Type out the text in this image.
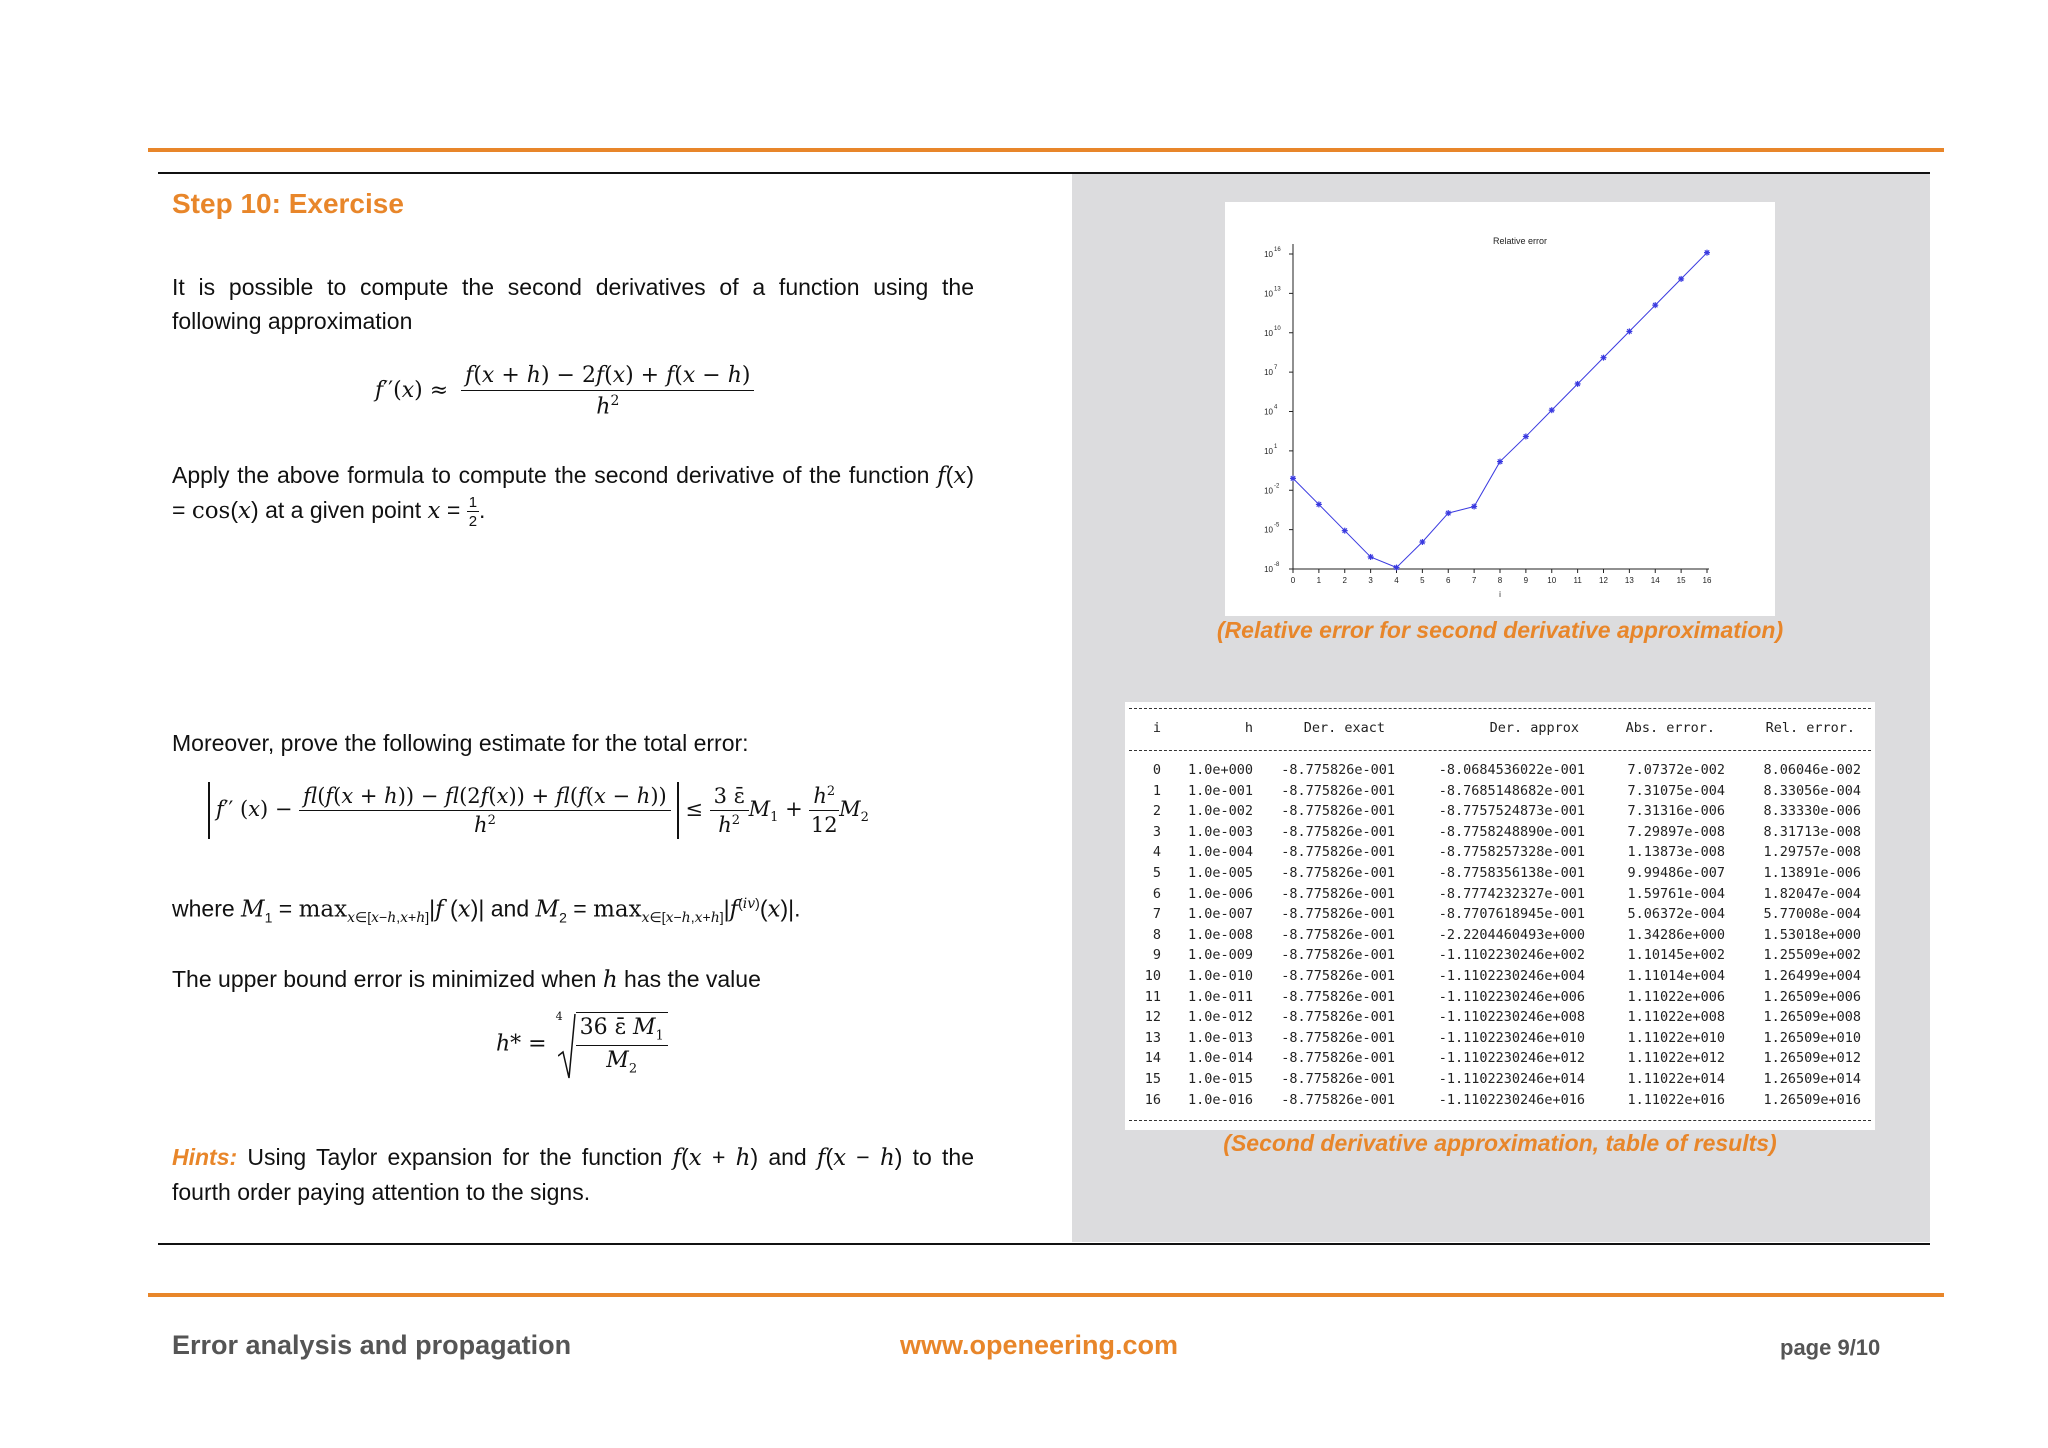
Step 10: Exercise
It is possible to compute the second derivatives of a function using the following approximation
$f''(x) \approx \frac{f(x + h) - 2f(x) + f(x - h)}{h^2}$
Apply the above formula to compute the second derivative of the function f(x) = cos(x) at a given point $x = \frac{1}{2}$ .
Moreover, prove the following estimate for the total error:
f′′ $(x) - \frac{fl(f(x + h)) - fl(2f(x)) + fl(f(x - h))}{h^2} \le \frac{3 \varepsilon̄}{h^2} M_1 + \frac{h^2}{12} M_2$
where $M_1 = \max_{x\in[x-h,x+h]}|f$ (x)| and $M_2 = \max_{x\in[x-h,x+h]}|f^{(iv)}(x)|$.
The upper bound error is minimized when h has the value
h* =
$4 \frac{36 \varepsilon̄ M_1}{M_2}$
Hints: Using Taylor expansion for the function f(x + h) and f(x − h) to the fourth order paying attention to the signs.
Relative error
0	1	2	3	4	5	6	7	8	9 10 11 12 13 14 15 16
i
10 -8
10 -5
10 -2
10 1
10 4
10 7
10 10
10 13
10 16
(Relative error for second derivative approximation)
i	h	Der. exact	Der. approx	Abs. error.	Rel. error.
0 1.0e+000 -8.775826e-001	-8.0684536022e-001	7.07372e-002	8.06046e-002
1 1.0e-001 -8.775826e-001	-8.7685148682e-001	7.31075e-004	8.33056e-004
2 1.0e-002 -8.775826e-001	-8.7757524873e-001	7.31316e-006	8.33330e-006
3 1.0e-003 -8.775826e-001	-8.7758248890e-001	7.29897e-008	8.31713e-008
4 1.0e-004 -8.775826e-001	-8.7758257328e-001	1.13873e-008	1.29757e-008
5 1.0e-005 -8.775826e-001	-8.7758356138e-001	9.99486e-007	1.13891e-006
6 1.0e-006 -8.775826e-001	-8.7774232327e-001	1.59761e-004	1.82047e-004
7 1.0e-007 -8.775826e-001	-8.7707618945e-001	5.06372e-004	5.77008e-004
8 1.0e-008 -8.775826e-001	-2.2204460493e+000	1.34286e+000	1.53018e+000
9 1.0e-009 -8.775826e-001	-1.1102230246e+002	1.10145e+002	1.25509e+002
10 1.0e-010 -8.775826e-001	-1.1102230246e+004	1.11014e+004	1.26499e+004
11 1.0e-011 -8.775826e-001	-1.1102230246e+006	1.11022e+006	1.26509e+006
12 1.0e-012 -8.775826e-001	-1.1102230246e+008	1.11022e+008	1.26509e+008
13 1.0e-013 -8.775826e-001	-1.1102230246e+010	1.11022e+010	1.26509e+010
14 1.0e-014 -8.775826e-001	-1.1102230246e+012	1.11022e+012	1.26509e+012
15 1.0e-015 -8.775826e-001	-1.1102230246e+014	1.11022e+014	1.26509e+014
16 1.0e-016 -8.775826e-001	-1.1102230246e+016	1.11022e+016	1.26509e+016
(Second derivative approximation, table of results)
Error analysis and propagation	www.openeering.com	page 9/10
